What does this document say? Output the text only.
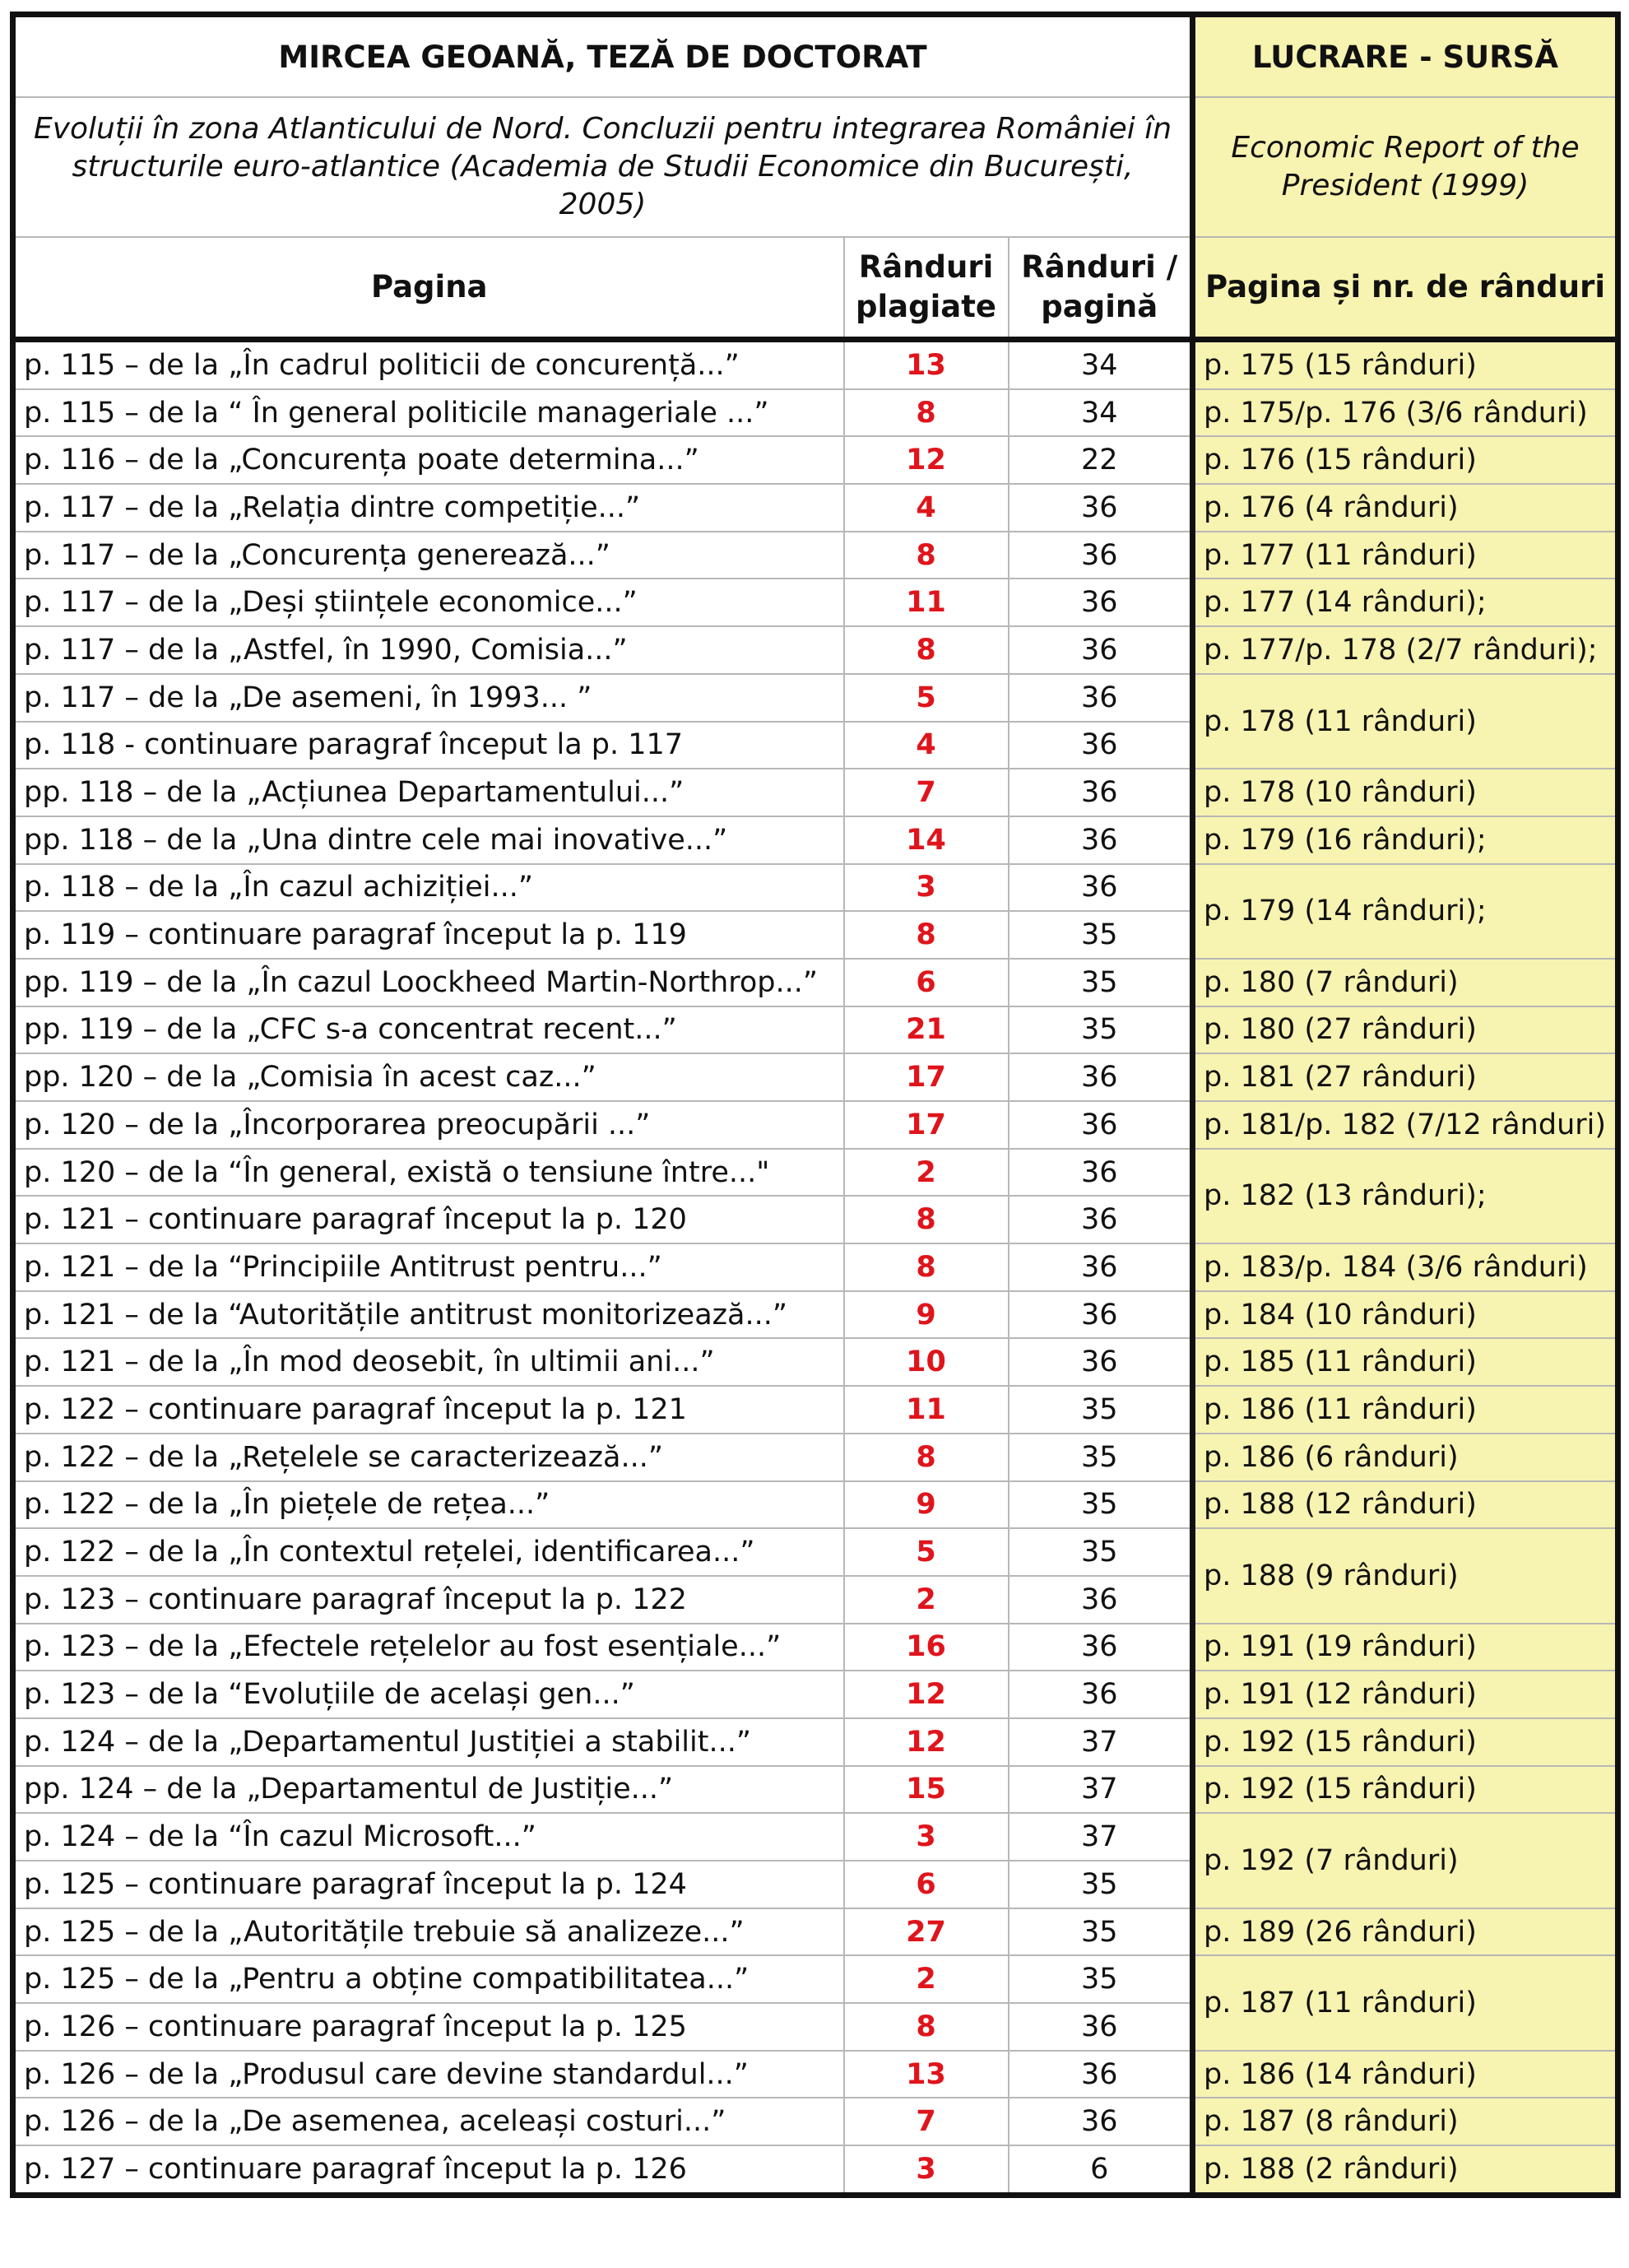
MIRCEA GEOANĂ, TEZĂ DE DOCTORAT			LUCRARE - SURSĂ
Evoluții în zona Atlanticului de Nord. Concluzii pentru integrarea României în structurile euro-atlantice (Academia de Studii Economice din București, 2005)			Economic Report of the President (1999)
Pagina	Rânduri plagiate	Rânduri / pagină	Pagina și nr. de rânduri
p. 115 – de la „În cadrul politicii de concurență...”	13	34	p. 175 (15 rânduri)
p. 115 – de la “ În general politicile manageriale ...”	8	34	p. 175/p. 176 (3/6 rânduri)
p. 116 – de la „Concurența poate determina...”	12	22	p. 176 (15 rânduri)
p. 117 – de la „Relația dintre competiție...”	4	36	p. 176 (4 rânduri)
p. 117 – de la „Concurența generează...”	8	36	p. 177 (11 rânduri)
p. 117 – de la „Deși științele economice...”	11	36	p. 177 (14 rânduri);
p. 117 – de la „Astfel, în 1990, Comisia...”	8	36	p. 177/p. 178 (2/7 rânduri);
p. 117 – de la „De asemeni, în 1993... ”	5	36	p. 178 (11 rânduri)
p. 118 - continuare paragraf început la p. 117	4	36	
pp. 118 – de la „Acțiunea Departamentului...”	7	36	p. 178 (10 rânduri)
pp. 118 – de la „Una dintre cele mai inovative...”	14	36	p. 179 (16 rânduri);
p. 118 – de la „În cazul achiziției...”	3	36	p. 179 (14 rânduri);
p. 119 – continuare paragraf început la p. 119	8	35	
pp. 119 – de la „În cazul Loockheed Martin-Northrop...”	6	35	p. 180 (7 rânduri)
pp. 119 – de la „CFC s-a concentrat recent...”	21	35	p. 180 (27 rânduri)
pp. 120 – de la „Comisia în acest caz...”	17	36	p. 181 (27 rânduri)
p. 120 – de la „Încorporarea preocupării ...”	17	36	p. 181/p. 182 (7/12 rânduri)
p. 120 – de la “În general, există o tensiune între..."	2	36	p. 182 (13 rânduri);
p. 121 – continuare paragraf început la p. 120	8	36	
p. 121 – de la “Principiile Antitrust pentru...”	8	36	p. 183/p. 184 (3/6 rânduri)
p. 121 – de la “Autoritățile antitrust monitorizează...”	9	36	p. 184 (10 rânduri)
p. 121 – de la „În mod deosebit, în ultimii ani...”	10	36	p. 185 (11 rânduri)
p. 122 – continuare paragraf început la p. 121	11	35	p. 186 (11 rânduri)
p. 122 – de la „Rețelele se caracterizează...”	8	35	p. 186 (6 rânduri)
p. 122 – de la „În piețele de rețea...”	9	35	p. 188 (12 rânduri)
p. 122 – de la „În contextul rețelei, identificarea...”	5	35	p. 188 (9 rânduri)
p. 123 – continuare paragraf început la p. 122	2	36	
p. 123 – de la „Efectele rețelelor au fost esențiale...”	16	36	p. 191 (19 rânduri)
p. 123 – de la “Evoluțiile de același gen...”	12	36	p. 191 (12 rânduri)
p. 124 – de la „Departamentul Justiției a stabilit...”	12	37	p. 192 (15 rânduri)
pp. 124 – de la „Departamentul de Justiție...”	15	37	p. 192 (15 rânduri)
p. 124 – de la “În cazul Microsoft...”	3	37	p. 192 (7 rânduri)
p. 125 – continuare paragraf început la p. 124	6	35	
p. 125 – de la „Autoritățile trebuie să analizeze...”	27	35	p. 189 (26 rânduri)
p. 125 – de la „Pentru a obține compatibilitatea...”	2	35	p. 187 (11 rânduri)
p. 126 – continuare paragraf început la p. 125	8	36	
p. 126 – de la „Produsul care devine standardul...”	13	36	p. 186 (14 rânduri)
p. 126 – de la „De asemenea, aceleași costuri...”	7	36	p. 187 (8 rânduri)
p. 127 – continuare paragraf început la p. 126	3	6	p. 188 (2 rânduri)
